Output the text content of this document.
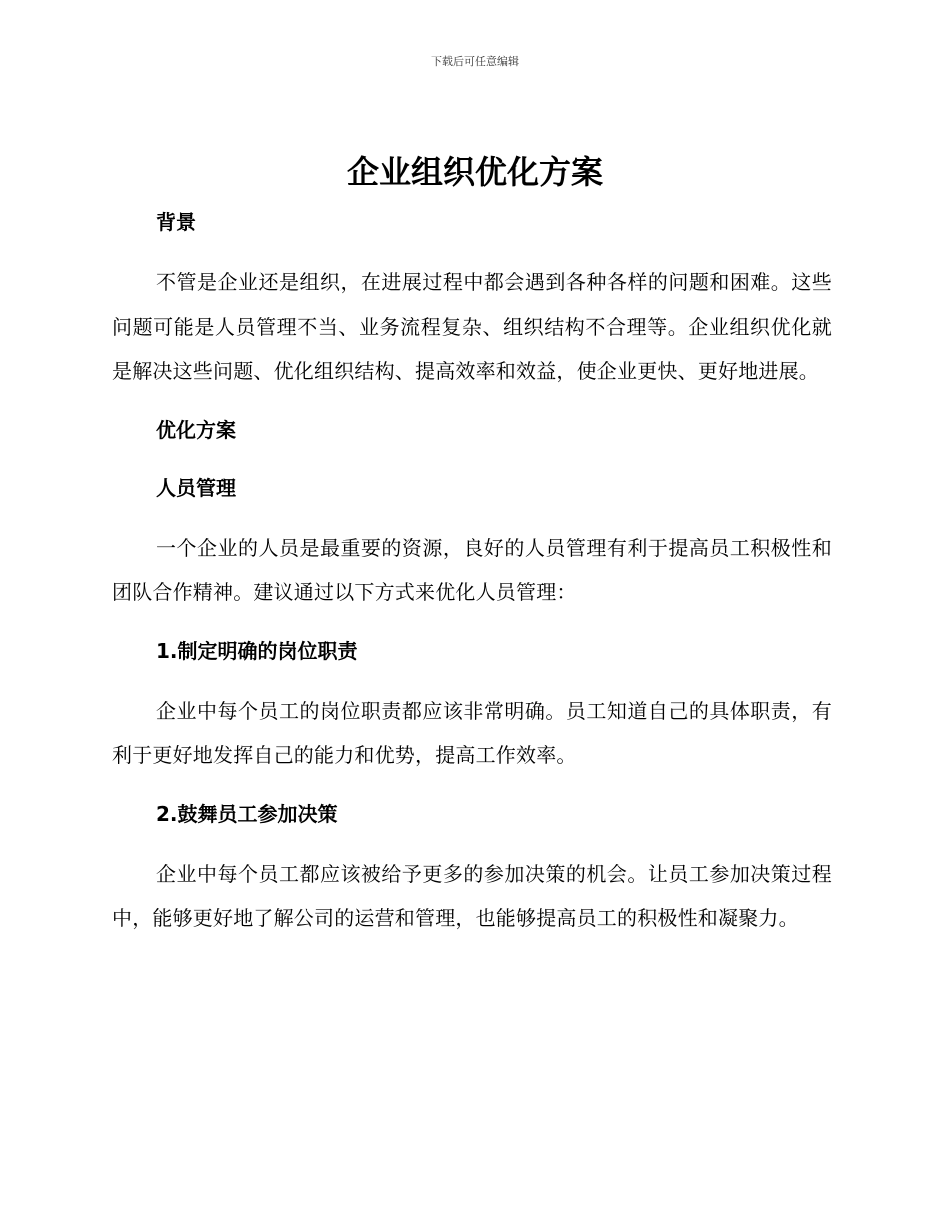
下载后可任意编辑
企业组织优化方案

背景

不管是企业还是组织，在进展过程中都会遇到各种各样的问题和困难。这些问题可能是人员管理不当、业务流程复杂、组织结构不合理等。企业组织优化就是解决这些问题、优化组织结构、提高效率和效益，使企业更快、更好地进展。

优化方案

人员管理

一个企业的人员是最重要的资源，良好的人员管理有利于提高员工积极性和团队合作精神。建议通过以下方式来优化人员管理：

1.制定明确的岗位职责

企业中每个员工的岗位职责都应该非常明确。员工知道自己的具体职责，有利于更好地发挥自己的能力和优势，提高工作效率。

2.鼓舞员工参加决策

企业中每个员工都应该被给予更多的参加决策的机会。让员工参加决策过程中，能够更好地了解公司的运营和管理，也能够提高员工的积极性和凝聚力。
